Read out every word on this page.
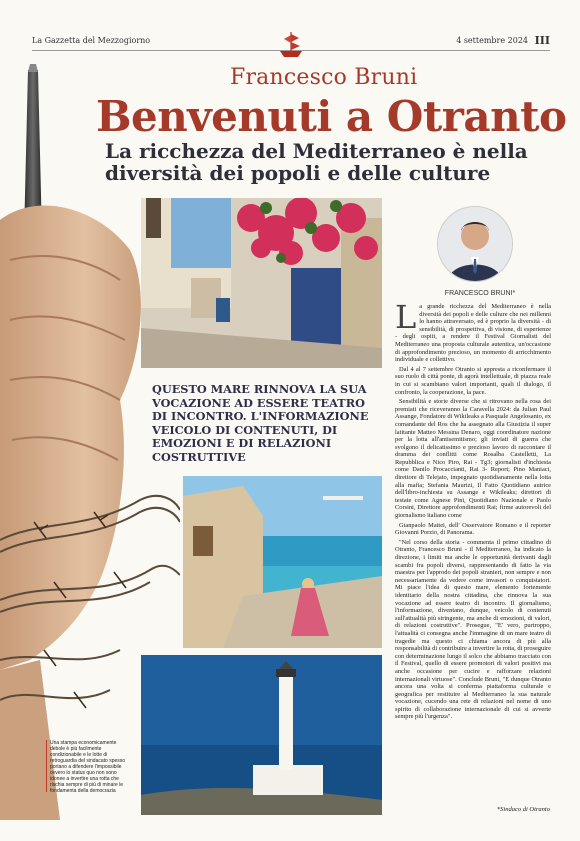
La Gazzetta del Mezzogiorno	4 settembre 2024 III
Una stampa economicamente debole è più facilmente condizionabile e le lotte di retroguardia del sindacato spesso portano a difendere l'impossibile ovvero lo status quo non sono idonee a invertire una rotta che rischia sempre di più di minare le fondamenta della democrazia
Francesco Bruni
Benvenuti a Otranto
La ricchezza del Mediterraneo è nella diversità dei popoli e delle culture
QUESTO MARE RINNOVA LA SUA VOCAZIONE AD ESSERE TEATRO DI INCONTRO. L'INFORMAZIONE VEICOLO DI CONTENUTI, DI EMOZIONI E DI RELAZIONI COSTRUTTIVE
FRANCESCO BRUNI*

La grande ricchezza del Mediterraneo è nella diversità dei popoli e delle culture che nei millenni lo hanno attraversato, ed è proprio la diversità - di sensibilità, di prospettiva, di visione, di esperienze - degli ospiti, a rendere il Festival Giornalisti del Mediterraneo una proposta culturale autentica, un'occasione di approfondimento prezioso, un momento di arricchimento individuale e collettivo.

Dal 4 al 7 settembre Otranto si appresta a riconfermare il suo ruolo di città ponte, di agorà intellettuale, di piazza reale in cui si scambiano valori importanti, quali il dialogo, il confronto, la cooperazione, la pace.

Sensibilità e storie diverse che si ritrovano nella rosa dei premiati che riceveranno la Caravella 2024: da Julian Paul Assange, Fondatore di Wikileaks a Pasquale Angelosanto, ex comandante del Ros che ha assegnato alla Giustizia il super latitante Matteo Messina Denaro, oggi coordinatore nazione per la lotta all'antisemitismo; gli inviati di guerra che svolgono il delicatissimo e prezioso lavoro di raccontare il dramma dei conflitti come Rosalba Castelletti, La Repubblica e Nico Piro, Rai - Tg3; giornalisti d'inchiesta come Danilo Procaccianti, Rai 3- Report; Pino Maniaci, direttore di Telejato, impegnato quotidianamente nella lotta alla mafia; Stefania Maurizi, Il Fatto Quotidiano autrice dell'libro-inchiesta su Assange e Wikileaks; direttori di testate come Agnese Pini, Quotidiano Nazionale e Paolo Corsini, Direttore approfondimenti Rai; firme autorevoli del giornalismo italiano come

Gianpaolo Mattei, dell' Osservatore Romano e il reporter Giovanni Porzio, di Panorama.

"Nel corso della storia - commenta il primo cittadino di Otranto, Francesco Bruni - il Mediterraneo, ha indicato la direzione, i limiti ma anche le opportunità derivanti dagli scambi fra popoli diversi, rappresentando di fatto la via maestra per l'approdo dei popoli stranieri, non sempre e non necessariamente da vedere come invasori o conquistatori. Mi piace l'idea di questo mare, elemento fortemente identitario della nostra cittadina, che rinnova la sua vocazione ad essere teatro di incontro. Il giornalismo, l'informazione, diventano, dunque, veicolo di contenuti sull'attualità più stringente, ma anche di emozioni, di valori, di relazioni costruttive". Prosegue, "E' vero, purtroppo, l'attualità ci consegna anche l'immagine di un mare teatro di tragedie ma questo ci chiama ancora di più alla responsabilità di contribuire a invertire la rotta, di proseguire con determinazione lungo il solco che abbiamo tracciato con il Festival, quello di essere promotori di valori positivi ma anche occasione per cucire e rafforzare relazioni internazionali virtuose". Conclude Bruni, "E dunque Otranto ancora una volta si conferma piattaforma culturale e geografica per restituire al Mediterraneo la sua naturale vocazione, cucendo una rete di relazioni nel nome di uno spirito di collaborazione internazionale di cui si avverte sempre più l'urgenza".

*Sindaco di Otranto
